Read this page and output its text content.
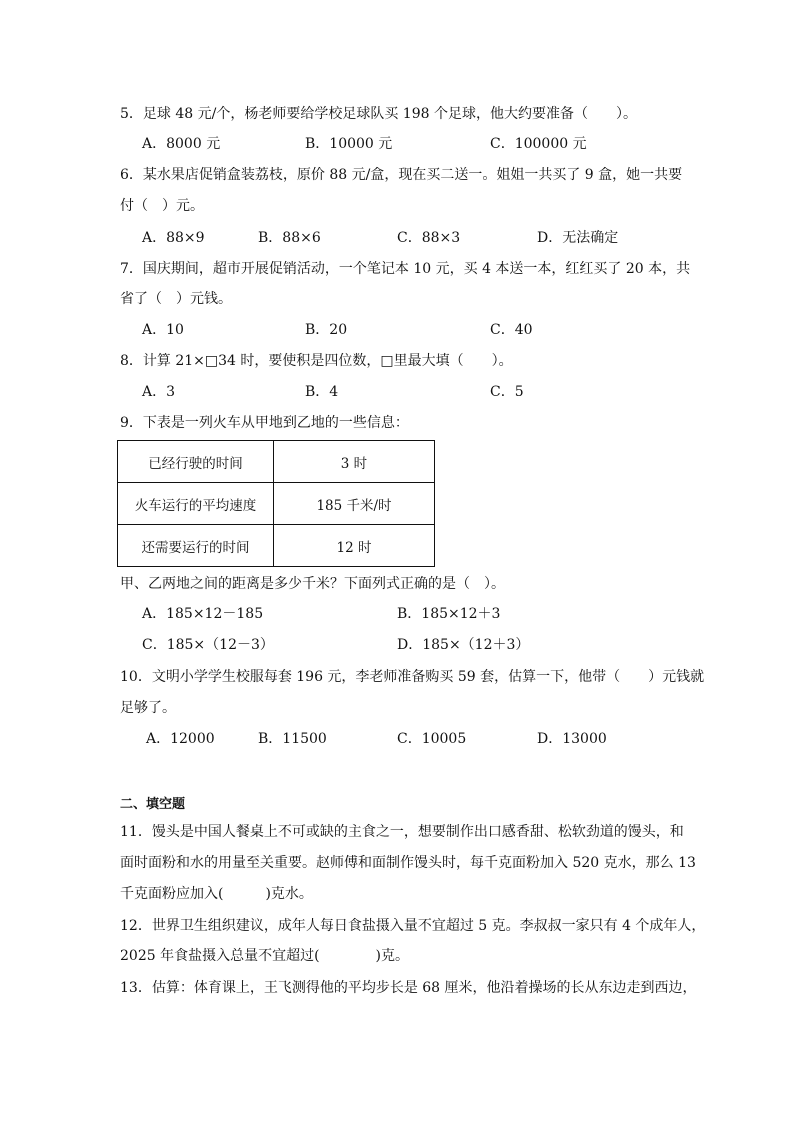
5．足球 48 元/个，杨老师要给学校足球队买 198 个足球，他大约要准备（　　）。
A．8000 元	B．10000 元	C．100000 元
6．某水果店促销盒装荔枝，原价 88 元/盒，现在买二送一。姐姐一共买了 9 盒，她一共要
付（　）元。
A．88×9	B．88×6	C．88×3	D．无法确定
7．国庆期间，超市开展促销活动，一个笔记本 10 元，买 4 本送一本，红红买了 20 本，共
省了（　）元钱。
A．10	B．20	C．40
8．计算 21×□34 时，要使积是四位数，□里最大填（　　）。
A．3	B．4	C．5
9．下表是一列火车从甲地到乙地的一些信息：
已经行驶的时间	3 时
火车运行的平均速度	185 千米/时
还需要运行的时间	12 时
甲、乙两地之间的距离是多少千米？下面列式正确的是（　）。
A．185×12－185	B．185×12＋3
C．185×（12－3）	D．185×（12＋3）
10．文明小学学生校服每套 196 元，李老师准备购买 59 套，估算一下，他带（　　）元钱就
足够了。
A．12000	B．11500	C．10005	D．13000
二、填空题
11．馒头是中国人餐桌上不可或缺的主食之一，想要制作出口感香甜、松软劲道的馒头，和
面时面粉和水的用量至关重要。赵师傅和面制作馒头时，每千克面粉加入 520 克水，那么 13
千克面粉应加入(　　　)克水。
12．世界卫生组织建议，成年人每日食盐摄入量不宜超过 5 克。李叔叔一家只有 4 个成年人，
2025 年食盐摄入总量不宜超过(　　　　)克。
13．估算：体育课上，王飞测得他的平均步长是 68 厘米，他沿着操场的长从东边走到西边，
